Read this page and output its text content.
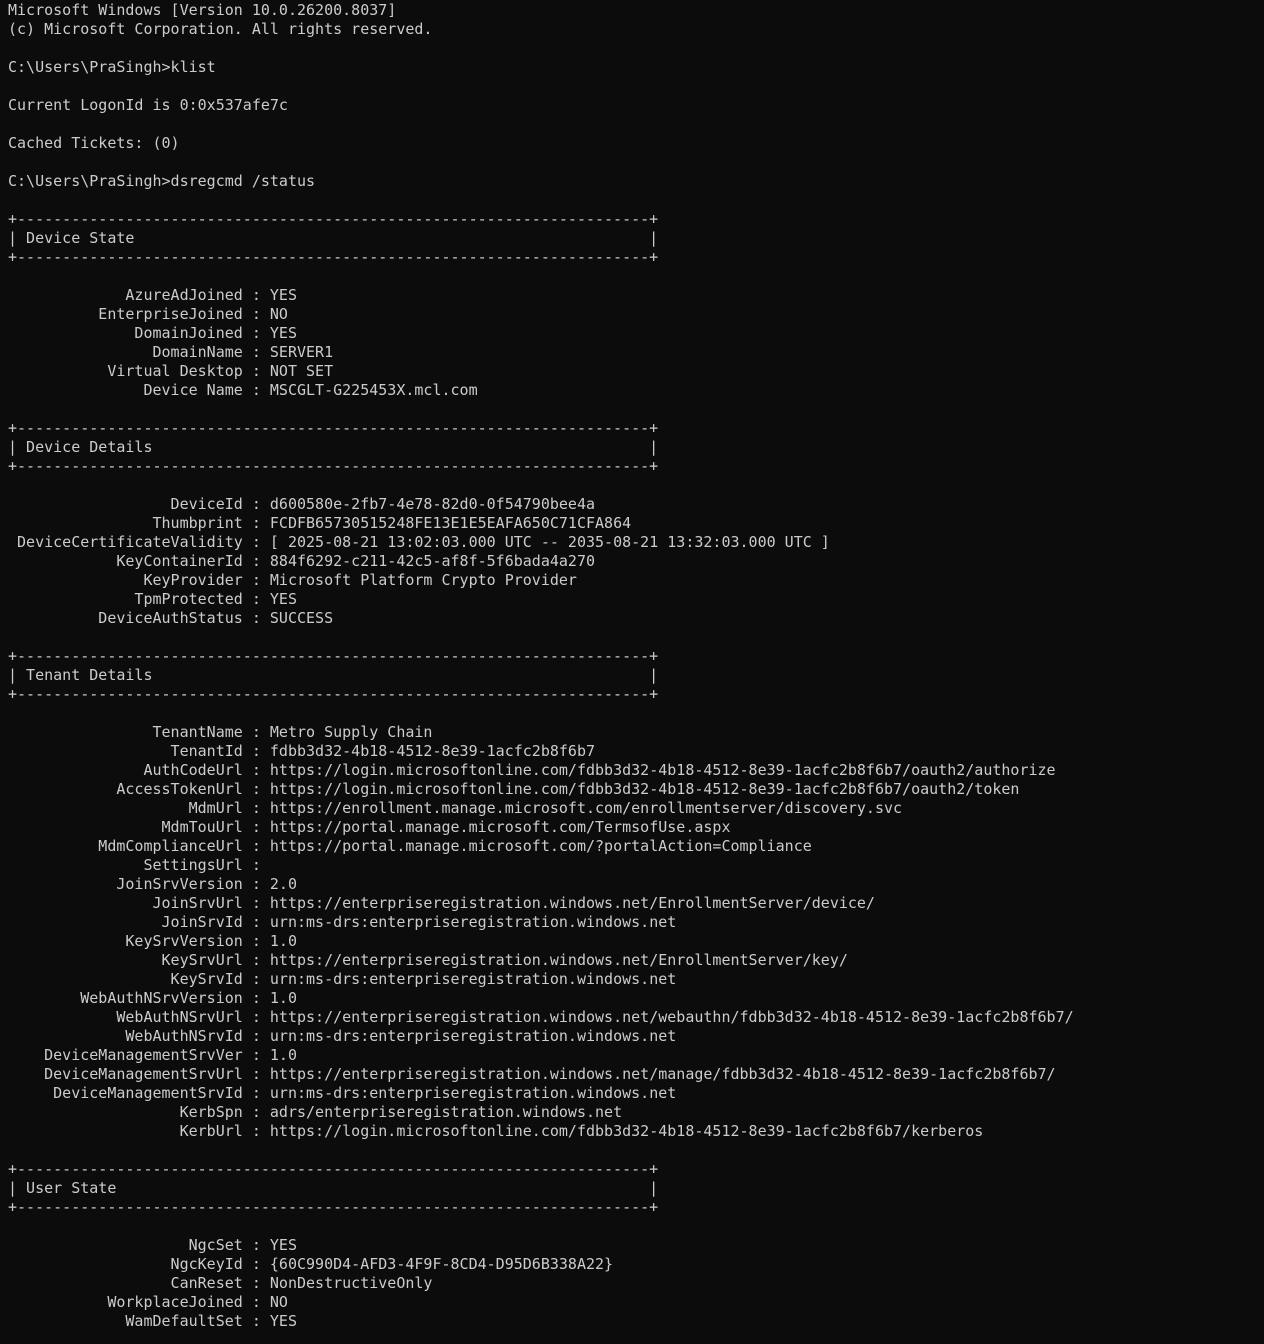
Microsoft Windows [Version 10.0.26200.8037]
(c) Microsoft Corporation. All rights reserved.
C:\Users\PraSingh>klist
Current LogonId is 0:0x537afe7c
Cached Tickets: (0)
C:\Users\PraSingh>dsregcmd /status
+----------------------------------------------------------------------+
| Device State                                                         |
+----------------------------------------------------------------------+
AzureAdJoined : YES
EnterpriseJoined : NO
DomainJoined : YES
DomainName : SERVER1
Virtual Desktop : NOT SET
Device Name : MSCGLT-G225453X.mcl.com
+----------------------------------------------------------------------+
| Device Details                                                       |
+----------------------------------------------------------------------+
DeviceId : d600580e-2fb7-4e78-82d0-0f54790bee4a
Thumbprint : FCDFB65730515248FE13E1E5EAFA650C71CFA864
DeviceCertificateValidity : [ 2025-08-21 13:02:03.000 UTC -- 2035-08-21 13:32:03.000 UTC ]
KeyContainerId : 884f6292-c211-42c5-af8f-5f6bada4a270
KeyProvider : Microsoft Platform Crypto Provider
TpmProtected : YES
DeviceAuthStatus : SUCCESS
+----------------------------------------------------------------------+
| Tenant Details                                                       |
+----------------------------------------------------------------------+
TenantName : Metro Supply Chain
TenantId : fdbb3d32-4b18-4512-8e39-1acfc2b8f6b7
AuthCodeUrl : https://login.microsoftonline.com/fdbb3d32-4b18-4512-8e39-1acfc2b8f6b7/oauth2/authorize
AccessTokenUrl : https://login.microsoftonline.com/fdbb3d32-4b18-4512-8e39-1acfc2b8f6b7/oauth2/token
MdmUrl : https://enrollment.manage.microsoft.com/enrollmentserver/discovery.svc
MdmTouUrl : https://portal.manage.microsoft.com/TermsofUse.aspx
MdmComplianceUrl : https://portal.manage.microsoft.com/?portalAction=Compliance
SettingsUrl :
JoinSrvVersion : 2.0
JoinSrvUrl : https://enterpriseregistration.windows.net/EnrollmentServer/device/
JoinSrvId : urn:ms-drs:enterpriseregistration.windows.net
KeySrvVersion : 1.0
KeySrvUrl : https://enterpriseregistration.windows.net/EnrollmentServer/key/
KeySrvId : urn:ms-drs:enterpriseregistration.windows.net
WebAuthNSrvVersion : 1.0
WebAuthNSrvUrl : https://enterpriseregistration.windows.net/webauthn/fdbb3d32-4b18-4512-8e39-1acfc2b8f6b7/
WebAuthNSrvId : urn:ms-drs:enterpriseregistration.windows.net
DeviceManagementSrvVer : 1.0
DeviceManagementSrvUrl : https://enterpriseregistration.windows.net/manage/fdbb3d32-4b18-4512-8e39-1acfc2b8f6b7/
DeviceManagementSrvId : urn:ms-drs:enterpriseregistration.windows.net
KerbSpn : adrs/enterpriseregistration.windows.net
KerbUrl : https://login.microsoftonline.com/fdbb3d32-4b18-4512-8e39-1acfc2b8f6b7/kerberos
+----------------------------------------------------------------------+
| User State                                                           |
+----------------------------------------------------------------------+
NgcSet : YES
NgcKeyId : {60C990D4-AFD3-4F9F-8CD4-D95D6B338A22}
CanReset : NonDestructiveOnly
WorkplaceJoined : NO
WamDefaultSet : YES
